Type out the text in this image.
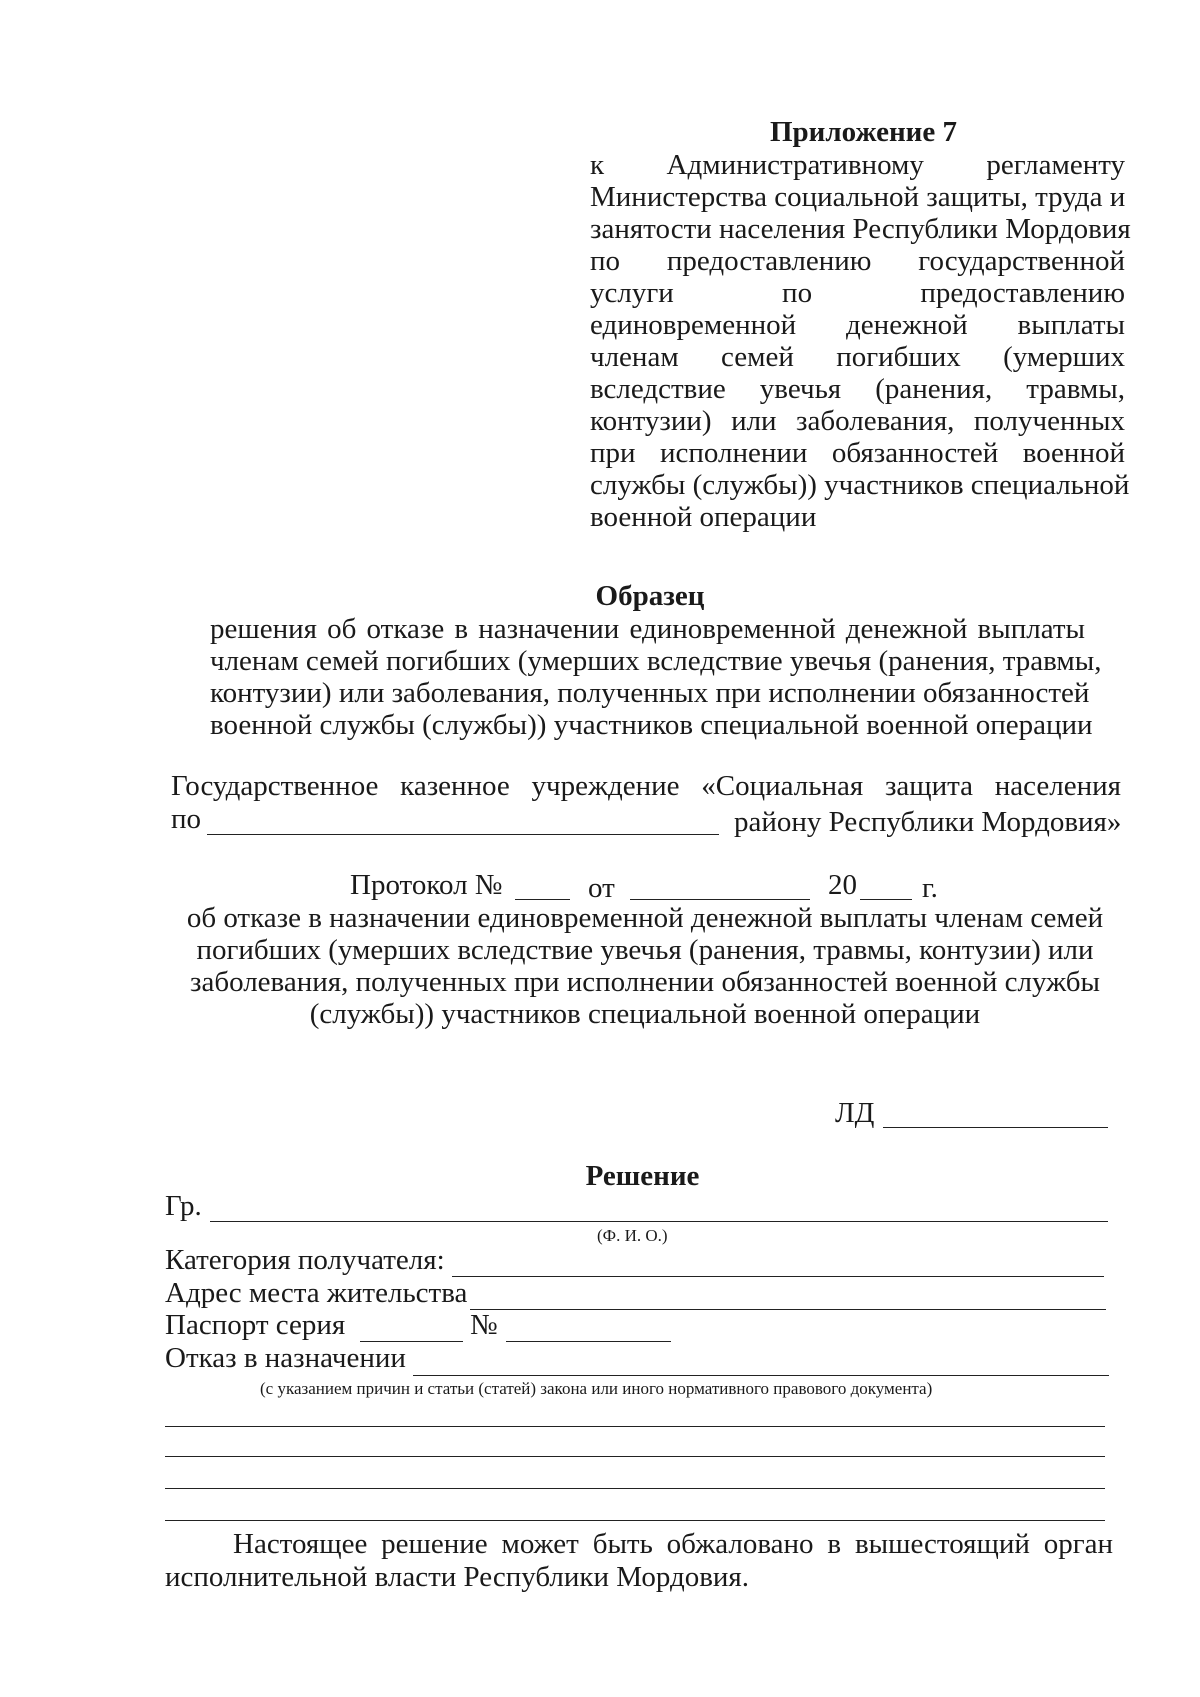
Приложение 7
к Административному регламенту
Министерства социальной защиты, труда и
занятости населения Республики Мордовия
по предоставлению государственной
услуги по предоставлению
единовременной денежной выплаты
членам семей погибших (умерших
вследствие увечья (ранения, травмы,
контузии) или заболевания, полученных
при исполнении обязанностей военной
службы (службы)) участников специальной
военной операции
Образец
решения об отказе в назначении единовременной денежной выплаты
членам семей погибших (умерших вследствие увечья (ранения, травмы,
контузии) или заболевания, полученных при исполнении обязанностей
военной службы (службы)) участников специальной военной операции
Государственное казенное учреждение «Социальная защита населения
по	району Республики Мордовия»
Протокол №	от	20 г.
об отказе в назначении единовременной денежной выплаты членам семей
погибших (умерших вследствие увечья (ранения, травмы, контузии) или
заболевания, полученных при исполнении обязанностей военной службы
(службы)) участников специальной военной операции
ЛД
Решение
Гр.
(Ф. И. О.)
Категория получателя:
Адрес места жительства
Паспорт серия	№
Отказ в назначении
(с указанием причин и статьи (статей) закона или иного нормативного правового документа)
Настоящее решение может быть обжаловано в вышестоящий орган
исполнительной власти Республики Мордовия.
